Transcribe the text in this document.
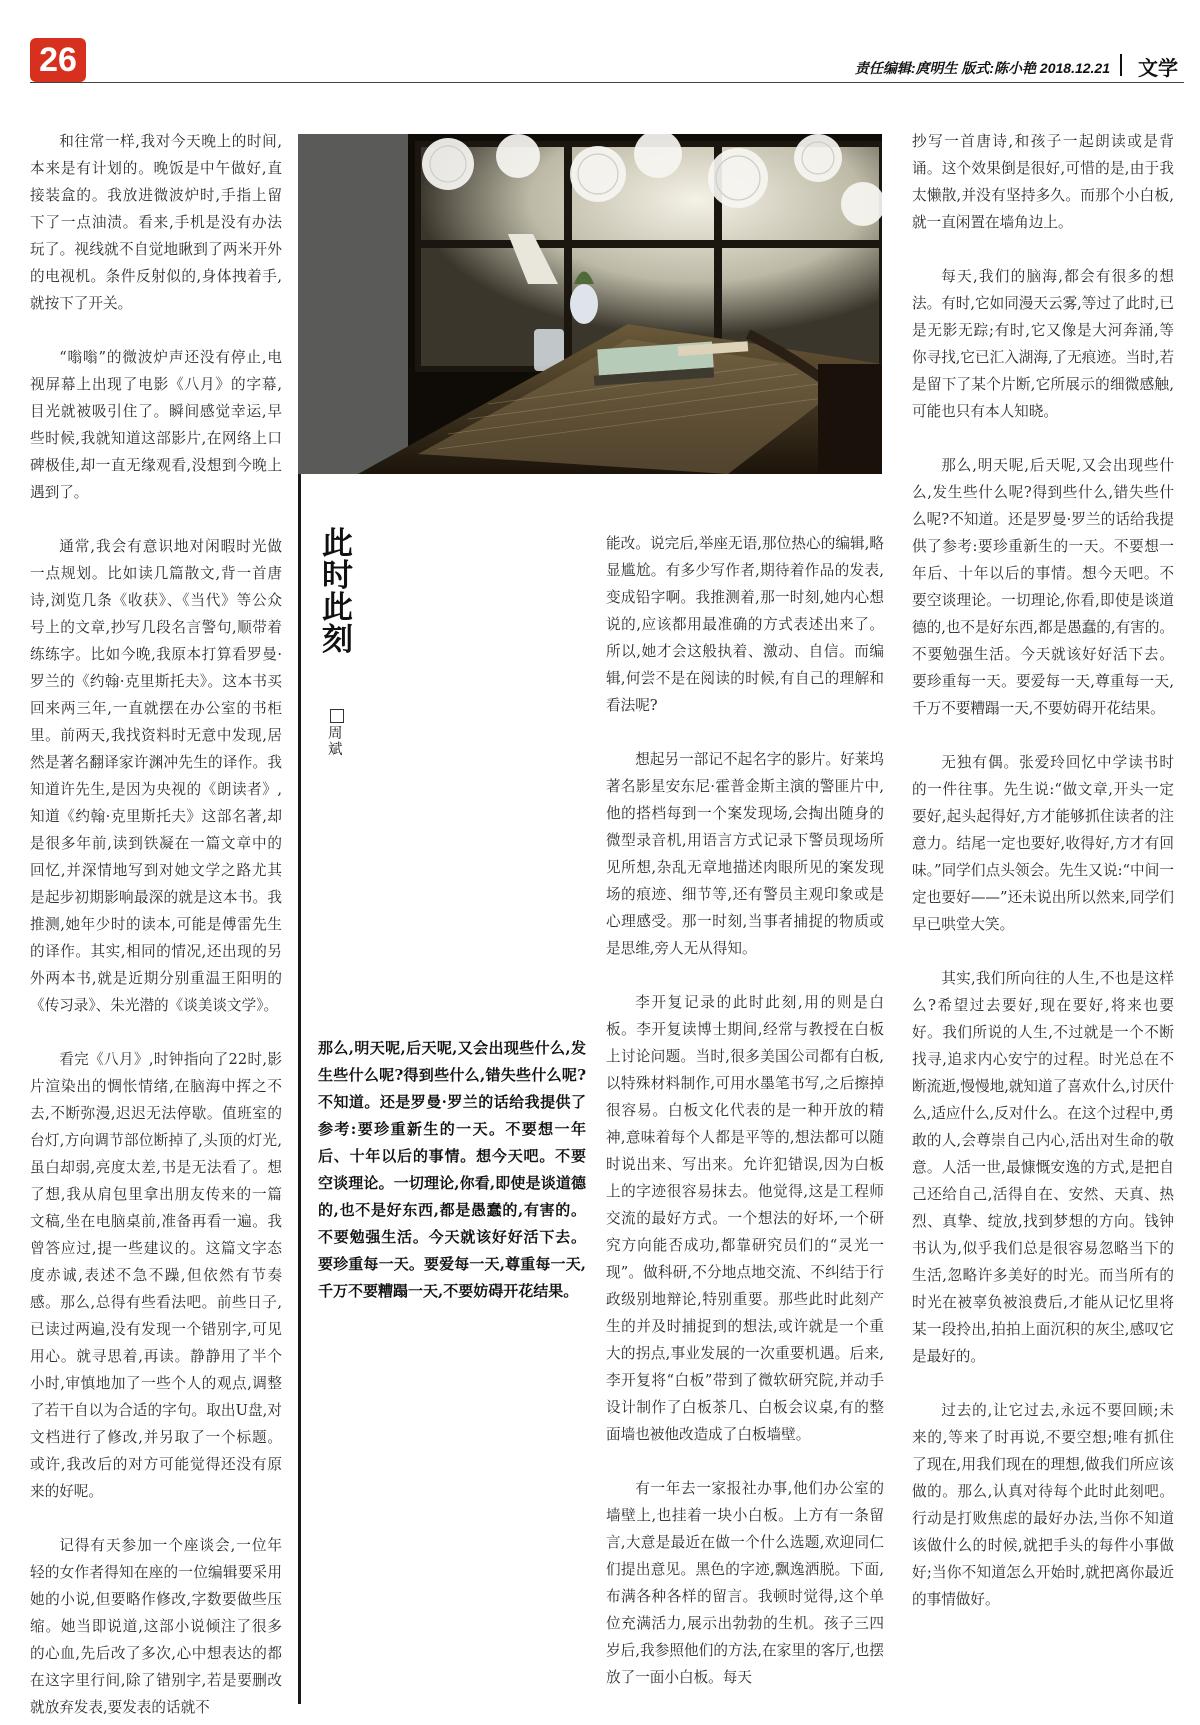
26	责任编辑:庹明生 版式:陈小艳 2018.12.21 文学

和往常一样,我对今天晚上的时间,本来是有计划的。晚饭是中午做好,直接装盒的。我放进微波炉时,手指上留下了一点油渍。看来,手机是没有办法玩了。视线就不自觉地瞅到了两米开外的电视机。条件反射似的,身体拽着手,就按下了开关。

“嗡嗡”的微波炉声还没有停止,电视屏幕上出现了电影《八月》的字幕,目光就被吸引住了。瞬间感觉幸运,早些时候,我就知道这部影片,在网络上口碑极佳,却一直无缘观看,没想到今晚上遇到了。

通常,我会有意识地对闲暇时光做一点规划。比如读几篇散文,背一首唐诗,浏览几条《收获》、《当代》等公众号上的文章,抄写几段名言警句,顺带着练练字。比如今晚,我原本打算看罗曼·罗兰的《约翰·克里斯托夫》。这本书买回来两三年,一直就摆在办公室的书柜里。前两天,我找资料时无意中发现,居然是著名翻译家许渊冲先生的译作。我知道许先生,是因为央视的《朗读者》,知道《约翰·克里斯托夫》这部名著,却是很多年前,读到铁凝在一篇文章中的回忆,并深情地写到对她文学之路尤其是起步初期影响最深的就是这本书。我推测,她年少时的读本,可能是傅雷先生的译作。其实,相同的情况,还出现的另外两本书,就是近期分别重温王阳明的《传习录》、朱光潜的《谈美谈文学》。

看完《八月》,时钟指向了22时,影片渲染出的惆怅情绪,在脑海中挥之不去,不断弥漫,迟迟无法停歇。值班室的台灯,方向调节部位断掉了,头顶的灯光,虽白却弱,亮度太差,书是无法看了。想了想,我从肩包里拿出朋友传来的一篇文稿,坐在电脑桌前,准备再看一遍。我曾答应过,提一些建议的。这篇文字态度赤诚,表述不急不躁,但依然有节奏感。那么,总得有些看法吧。前些日子,已读过两遍,没有发现一个错别字,可见用心。就寻思着,再读。静静用了半个小时,审慎地加了一些个人的观点,调整了若干自以为合适的字句。取出U盘,对文档进行了修改,并另取了一个标题。或许,我改后的对方可能觉得还没有原来的好呢。

记得有天参加一个座谈会,一位年轻的女作者得知在座的一位编辑要采用她的小说,但要略作修改,字数要做些压缩。她当即说道,这部小说倾注了很多的心血,先后改了多次,心中想表达的都在这字里行间,除了错别字,若是要删改就放弃发表,要发表的话就不

此时此刻
周斌
那么,明天呢,后天呢,又会出现些什么,发生些什么呢?得到些什么,错失些什么呢?不知道。还是罗曼·罗兰的话给我提供了参考:要珍重新生的一天。不要想一年后、十年以后的事情。想今天吧。不要空谈理论。一切理论,你看,即使是谈道德的,也不是好东西,都是愚蠢的,有害的。不要勉强生活。今天就该好好活下去。要珍重每一天。要爱每一天,尊重每一天,千万不要糟蹋一天,不要妨碍开花结果。

能改。说完后,举座无语,那位热心的编辑,略显尴尬。有多少写作者,期待着作品的发表,变成铅字啊。我推测着,那一时刻,她内心想说的,应该都用最准确的方式表述出来了。所以,她才会这般执着、激动、自信。而编辑,何尝不是在阅读的时候,有自己的理解和看法呢?

想起另一部记不起名字的影片。好莱坞著名影星安东尼·霍普金斯主演的警匪片中,他的搭档每到一个案发现场,会掏出随身的微型录音机,用语言方式记录下警员现场所见所想,杂乱无章地描述肉眼所见的案发现场的痕迹、细节等,还有警员主观印象或是心理感受。那一时刻,当事者捕捉的物质或是思维,旁人无从得知。

李开复记录的此时此刻,用的则是白板。李开复读博士期间,经常与教授在白板上讨论问题。当时,很多美国公司都有白板,以特殊材料制作,可用水墨笔书写,之后擦掉很容易。白板文化代表的是一种开放的精神,意味着每个人都是平等的,想法都可以随时说出来、写出来。允许犯错误,因为白板上的字迹很容易抹去。他觉得,这是工程师交流的最好方式。一个想法的好坏,一个研究方向能否成功,都靠研究员们的“灵光一现”。做科研,不分地点地交流、不纠结于行政级别地辩论,特别重要。那些此时此刻产生的并及时捕捉到的想法,或许就是一个重大的拐点,事业发展的一次重要机遇。后来,李开复将“白板”带到了微软研究院,并动手设计制作了白板茶几、白板会议桌,有的整面墙也被他改造成了白板墙壁。

有一年去一家报社办事,他们办公室的墙壁上,也挂着一块小白板。上方有一条留言,大意是最近在做一个什么选题,欢迎同仁们提出意见。黑色的字迹,飘逸洒脱。下面,布满各种各样的留言。我顿时觉得,这个单位充满活力,展示出勃勃的生机。孩子三四岁后,我参照他们的方法,在家里的客厅,也摆放了一面小白板。每天

抄写一首唐诗,和孩子一起朗读或是背诵。这个效果倒是很好,可惜的是,由于我太懒散,并没有坚持多久。而那个小白板,就一直闲置在墙角边上。

每天,我们的脑海,都会有很多的想法。有时,它如同漫天云雾,等过了此时,已是无影无踪;有时,它又像是大河奔涌,等你寻找,它已汇入湖海,了无痕迹。当时,若是留下了某个片断,它所展示的细微感触,可能也只有本人知晓。

那么,明天呢,后天呢,又会出现些什么,发生些什么呢?得到些什么,错失些什么呢?不知道。还是罗曼·罗兰的话给我提供了参考:要珍重新生的一天。不要想一年后、十年以后的事情。想今天吧。不要空谈理论。一切理论,你看,即使是谈道德的,也不是好东西,都是愚蠢的,有害的。不要勉强生活。今天就该好好活下去。要珍重每一天。要爱每一天,尊重每一天,千万不要糟蹋一天,不要妨碍开花结果。

无独有偶。张爱玲回忆中学读书时的一件往事。先生说:“做文章,开头一定要好,起头起得好,方才能够抓住读者的注意力。结尾一定也要好,收得好,方才有回味。”同学们点头领会。先生又说:“中间一定也要好——”还未说出所以然来,同学们早已哄堂大笑。

其实,我们所向往的人生,不也是这样么?希望过去要好,现在要好,将来也要好。我们所说的人生,不过就是一个不断找寻,追求内心安宁的过程。时光总在不断流逝,慢慢地,就知道了喜欢什么,讨厌什么,适应什么,反对什么。在这个过程中,勇敢的人,会尊崇自己内心,活出对生命的敬意。人活一世,最慷慨安逸的方式,是把自己还给自己,活得自在、安然、天真、热烈、真挚、绽放,找到梦想的方向。钱钟书认为,似乎我们总是很容易忽略当下的生活,忽略许多美好的时光。而当所有的时光在被辜负被浪费后,才能从记忆里将某一段拎出,拍拍上面沉积的灰尘,感叹它是最好的。

过去的,让它过去,永远不要回顾;未来的,等来了时再说,不要空想;唯有抓住了现在,用我们现在的理想,做我们所应该做的。那么,认真对待每个此时此刻吧。行动是打败焦虑的最好办法,当你不知道该做什么的时候,就把手头的每件小事做好;当你不知道怎么开始时,就把离你最近的事情做好。
